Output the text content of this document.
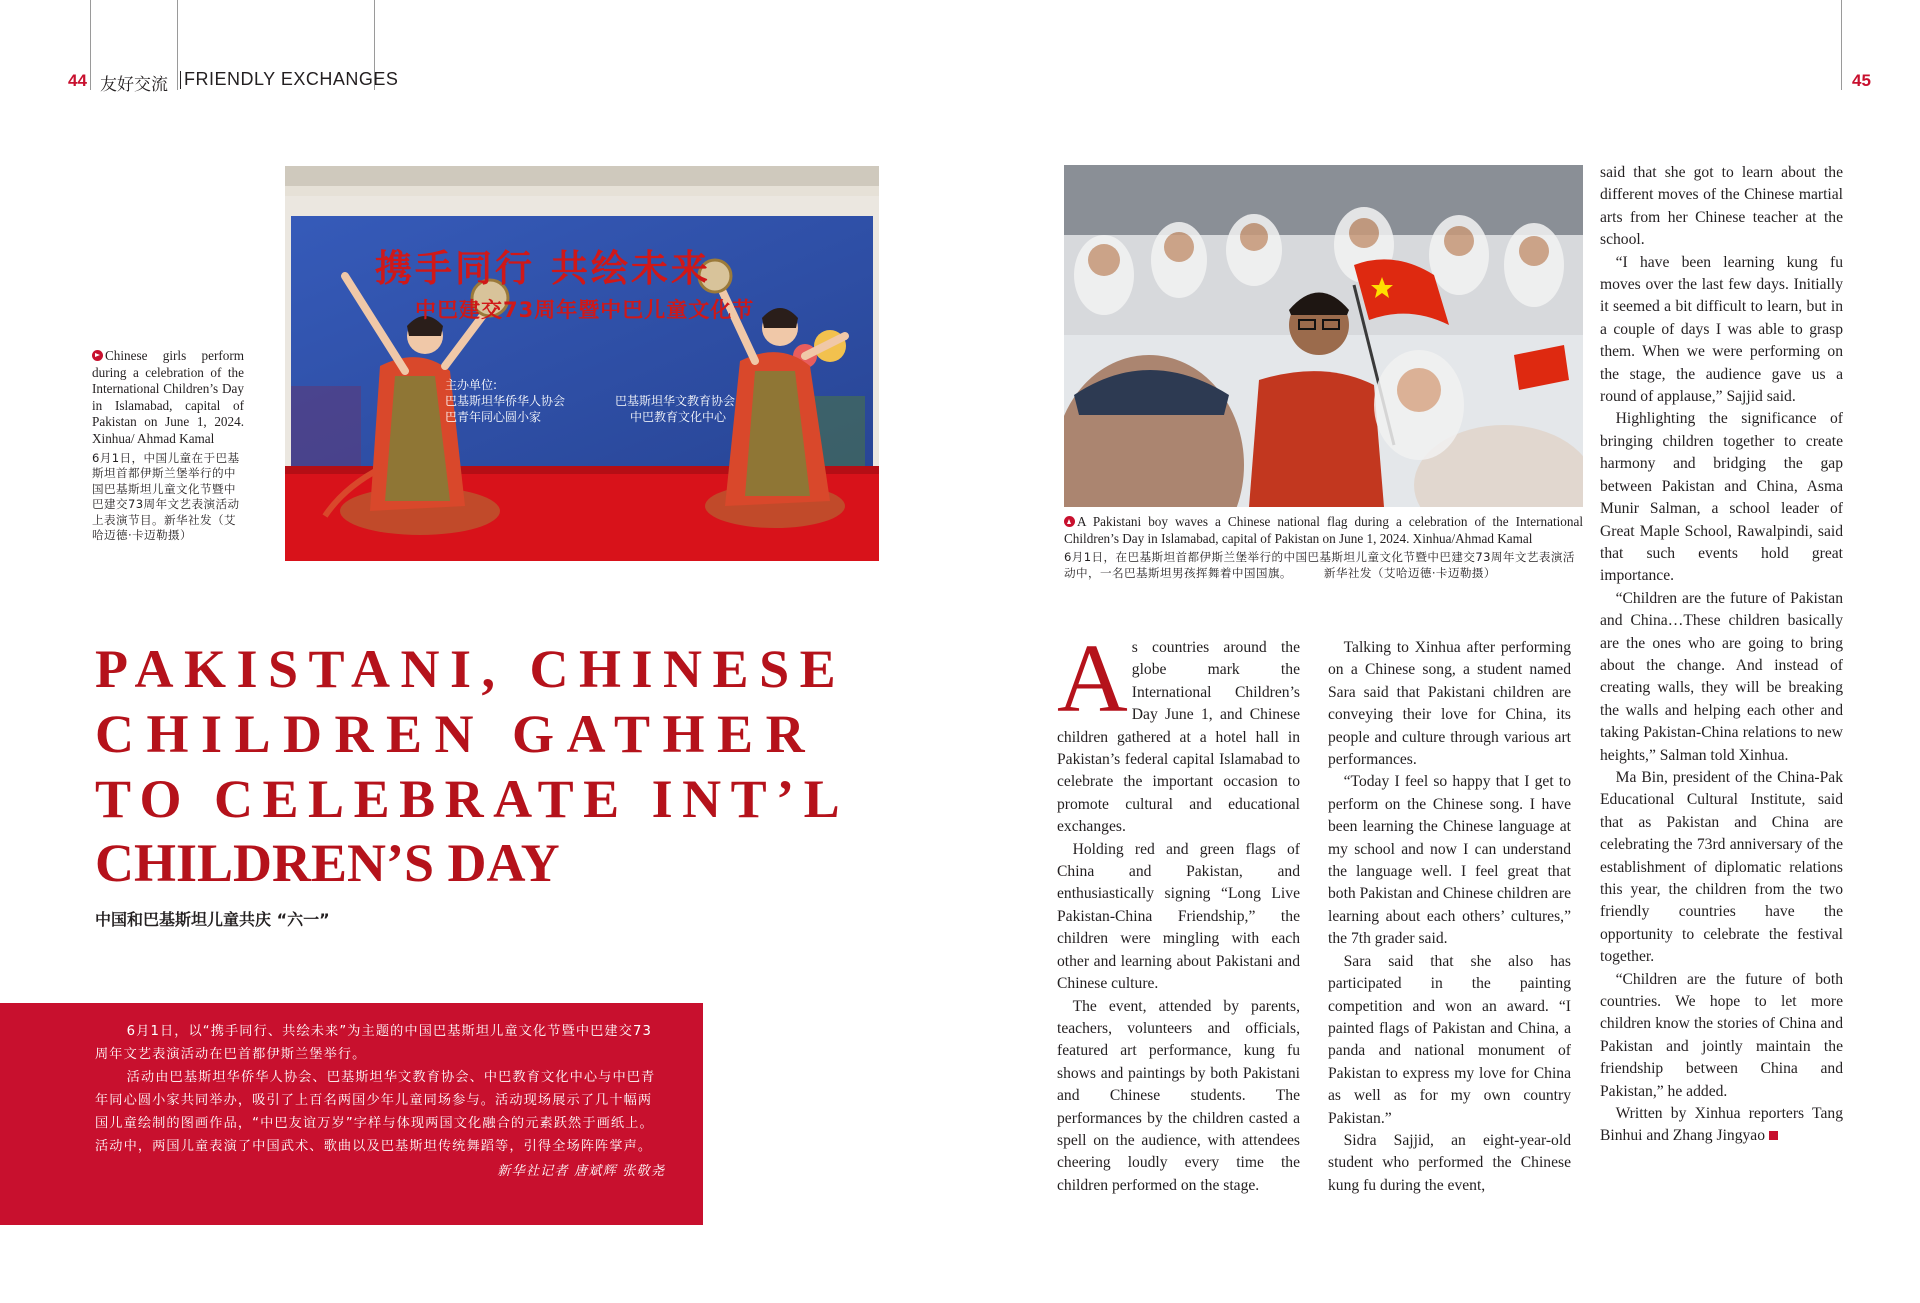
44 友好交流 FRIENDLY EXCHANGES	45
携手同行 共绘未来
中巴建交73周年暨中巴儿童文化节
主办单位:
巴基斯坦华侨华人协会
巴青年同心圆小家
巴基斯坦华文教育协会
中巴教育文化中心
Chinese girls perform during a celebration of the International Children’s Day in Islamabad, capital of Pakistan on June 1, 2024. Xinhua/ Ahmad Kamal
6月1日，中国儿童在于巴基斯坦首都伊斯兰堡举行的中国巴基斯坦儿童文化节暨中巴建交73周年文艺表演活动上表演节目。新华社发（艾哈迈德·卡迈勒摄）
A Pakistani boy waves a Chinese national flag during a celebration of the International Children’s Day in Islamabad, capital of Pakistan on June 1, 2024. Xinhua/Ahmad Kamal
6月1日，在巴基斯坦首都伊斯兰堡举行的中国巴基斯坦儿童文化节暨中巴建交73周年文艺表演活动中，一名巴基斯坦男孩挥舞着中国国旗。	新华社发（艾哈迈德·卡迈勒摄）
PAKISTANI, CHINESE
CHILDREN GATHER
TO CELEBRATE INT’L
CHILDREN’S DAY
中国和巴基斯坦儿童共庆 “六一”

6月1日，以“携手同行、共绘未来”为主题的中国巴基斯坦儿童文化节暨中巴建交73周年文艺表演活动在巴首都伊斯兰堡举行。

活动由巴基斯坦华侨华人协会、巴基斯坦华文教育协会、中巴教育文化中心与中巴青年同心圆小家共同举办，吸引了上百名两国少年儿童同场参与。活动现场展示了几十幅两国儿童绘制的图画作品，“中巴友谊万岁”字样与体现两国文化融合的元素跃然于画纸上。活动中，两国儿童表演了中国武术、歌曲以及巴基斯坦传统舞蹈等，引得全场阵阵掌声。

新华社记者 唐斌辉 张敬尧

As countries around the globe mark the International Children’s Day June 1, and Chinese children gathered at a hotel hall in Pakistan’s federal capital Islamabad to celebrate the important occasion to promote cultural and educational exchanges.

Holding red and green flags of China and Pakistan, and enthusiastically signing “Long Live Pakistan-China Friendship,” the children were mingling with each other and learning about Pakistani and Chinese culture.

The event, attended by parents, teachers, volunteers and officials, featured art performance, kung fu shows and paintings by both Pakistani and Chinese students. The performances by the children casted a spell on the audience, with attendees cheering loudly every time the children performed on the stage.

Talking to Xinhua after performing on a Chinese song, a student named Sara said that Pakistani children are conveying their love for China, its people and culture through various art performances.

“Today I feel so happy that I get to perform on the Chinese song. I have been learning the Chinese language at my school and now I can understand the language well. I feel great that both Pakistan and Chinese children are learning about each others’ cultures,” the 7th grader said.

Sara said that she also has participated in the painting competition and won an award. “I painted flags of Pakistan and China, a panda and national monument of Pakistan to express my love for China as well as for my own country Pakistan.”

Sidra Sajjid, an eight-year-old student who performed the Chinese kung fu during the event,

said that she got to learn about the different moves of the Chinese martial arts from her Chinese teacher at the school.

“I have been learning kung fu moves over the last few days. Initially it seemed a bit difficult to learn, but in a couple of days I was able to grasp them. When we were performing on the stage, the audience gave us a round of applause,” Sajjid said.

Highlighting the significance of bringing children together to create harmony and bridging the gap between Pakistan and China, Asma Munir Salman, a school leader of Great Maple School, Rawalpindi, said that such events hold great importance.

“Children are the future of Pakistan and China…These children basically are the ones who are going to bring about the change. And instead of creating walls, they will be breaking the walls and helping each other and taking Pakistan-China relations to new heights,” Salman told Xinhua.

Ma Bin, president of the China-Pak Educational Cultural Institute, said that as Pakistan and China are celebrating the 73rd anniversary of the establishment of diplomatic relations this year, the children from the two friendly countries have the opportunity to celebrate the festival together.

“Children are the future of both countries. We hope to let more children know the stories of China and Pakistan and jointly maintain the friendship between China and Pakistan,” he added.

Written by Xinhua reporters Tang Binhui and Zhang Jingyao
